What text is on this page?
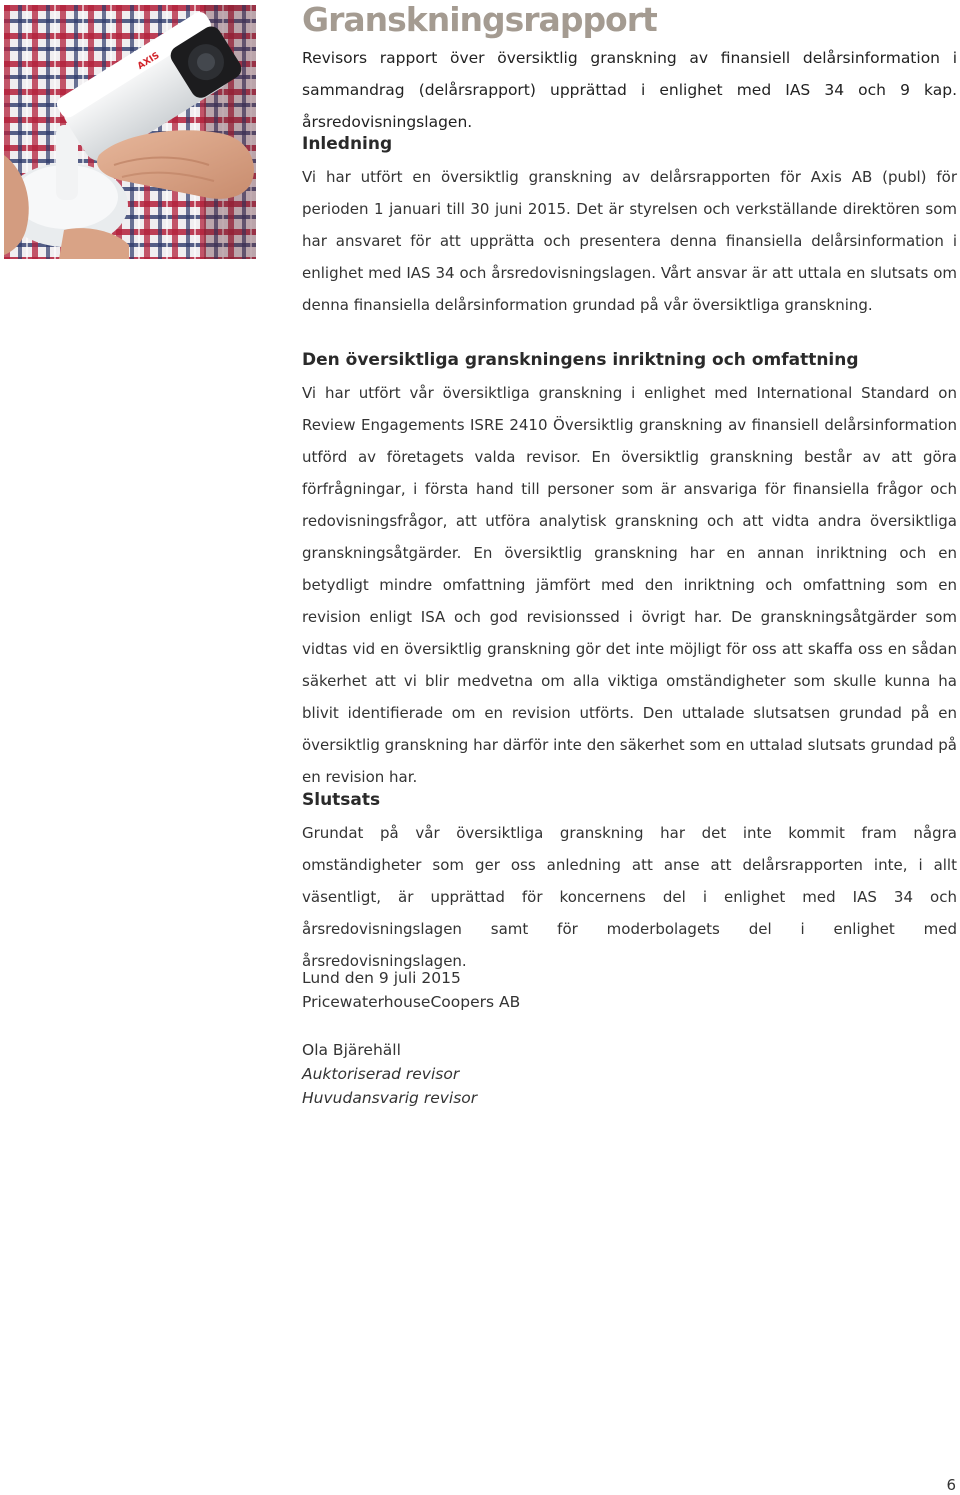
AXIS
Granskningsrapport

Revisors rapport över översiktlig granskning av finansiell delårsinformation i sammandrag (delårsrapport) upprättad i enlighet med IAS 34 och 9 kap. årsredovisningslagen.

Inledning

Vi har utfört en översiktlig granskning av delårsrapporten för Axis AB (publ) för perioden 1 januari till 30 juni 2015. Det är styrelsen och verkställande direktören som har ansvaret för att upprätta och presentera denna finansiella delårsinformation i enlighet med IAS 34 och årsredovisningslagen. Vårt ansvar är att uttala en slutsats om denna finansiella delårsinformation grundad på vår översiktliga granskning.

Den översiktliga granskningens inriktning och omfattning

Vi har utfört vår översiktliga granskning i enlighet med International Standard on Review Engagements ISRE 2410 Översiktlig granskning av finansiell delårsinformation utförd av företagets valda revisor. En översiktlig granskning består av att göra förfrågningar, i första hand till personer som är ansvariga för finansiella frågor och redovisningsfrågor, att utföra analytisk granskning och att vidta andra översiktliga granskningsåtgärder. En översiktlig granskning har en annan inriktning och en betydligt mindre omfattning jämfört med den inriktning och omfattning som en revision enligt ISA och god revisionssed i övrigt har. De granskningsåtgärder som vidtas vid en översiktlig granskning gör det inte möjligt för oss att skaffa oss en sådan säkerhet att vi blir medvetna om alla viktiga omständigheter som skulle kunna ha blivit identifierade om en revision utförts. Den uttalade slutsatsen grundad på en översiktlig granskning har därför inte den säkerhet som en uttalad slutsats grundad på en revision har.

Slutsats

Grundat på vår översiktliga granskning har det inte kommit fram några omständigheter som ger oss anledning att anse att delårsrapporten inte, i allt väsentligt, är upprättad för koncernens del i enlighet med IAS 34 och årsredovisningslagen samt för moderbolagets del i enlighet med årsredovisningslagen.

Lund den 9 juli 2015

PricewaterhouseCoopers AB

Ola Bjärehäll

Auktoriserad revisor

Huvudansvarig revisor

6
